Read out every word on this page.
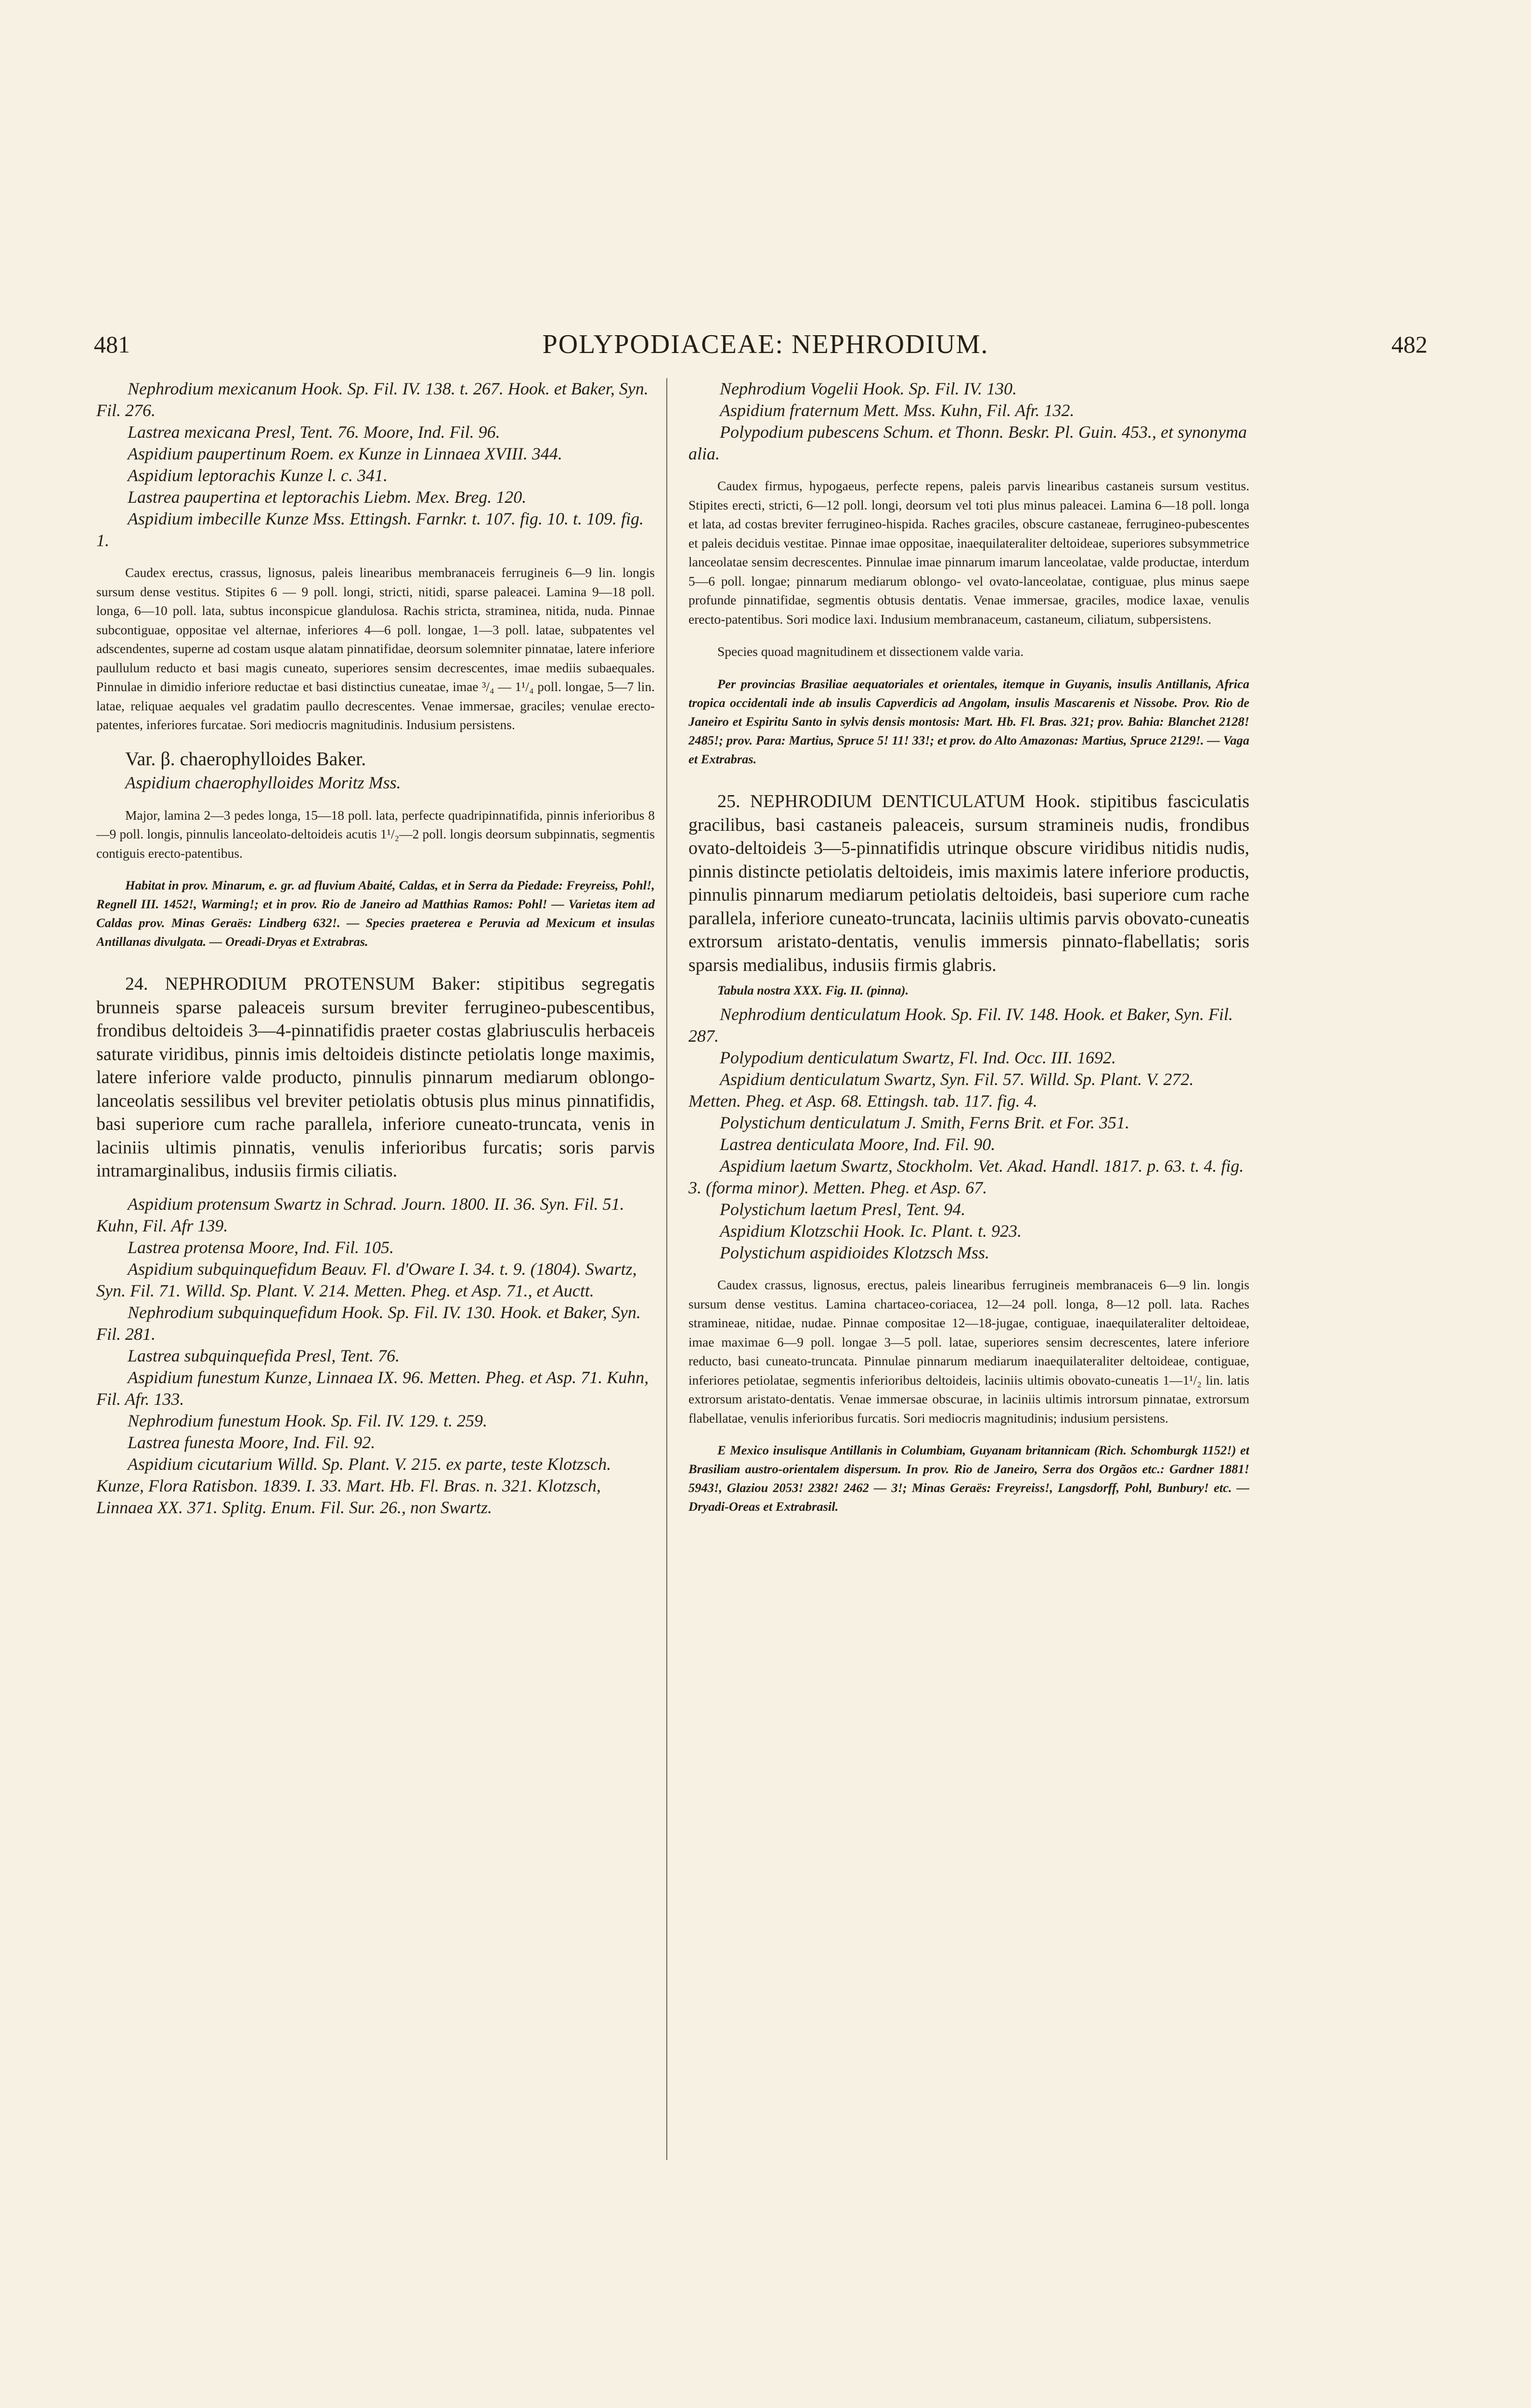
481	POLYPODIACEAE: NEPHRODIUM.	482

Nephrodium mexicanum Hook. Sp. Fil. IV. 138. t. 267. Hook. et Baker, Syn. Fil. 276.
Lastrea mexicana Presl, Tent. 76. Moore, Ind. Fil. 96.
Aspidium paupertinum Roem. ex Kunze in Linnaea XVIII. 344.
Aspidium leptorachis Kunze l. c. 341.
Lastrea paupertina et leptorachis Liebm. Mex. Breg. 120.
Aspidium imbecille Kunze Mss. Ettingsh. Farnkr. t. 107. fig. 10. t. 109. fig. 1.

Caudex erectus, crassus, lignosus, paleis linearibus membranaceis ferrugineis 6—9 lin. longis sursum dense vestitus. Stipites 6 — 9 poll. longi, stricti, nitidi, sparse paleacei. Lamina 9—18 poll. longa, 6—10 poll. lata, subtus inconspicue glandulosa. Rachis stricta, straminea, nitida, nuda. Pinnae subcontiguae, oppositae vel alternae, inferiores 4—6 poll. longae, 1—3 poll. latae, subpatentes vel adscendentes, superne ad costam usque alatam pinnatifidae, deorsum solemniter pinnatae, latere inferiore paullulum reducto et basi magis cuneato, superiores sensim decrescentes, imae mediis subaequales. Pinnulae in dimidio inferiore reductae et basi distinctius cuneatae, imae ³/₄ — 1¹/₄ poll. longae, 5—7 lin. latae, reliquae aequales vel gradatim paullo decrescentes. Venae immersae, graciles; venulae erecto-patentes, inferiores furcatae. Sori mediocris magnitudinis. Indusium persistens.

Var. β. chaerophylloides Baker.
Aspidium chaerophylloides Moritz Mss.

Major, lamina 2—3 pedes longa, 15—18 poll. lata, perfecte quadripinnatifida, pinnis inferioribus 8—9 poll. longis, pinnulis lanceolato-deltoideis acutis 1¹/₂—2 poll. longis deorsum subpinnatis, segmentis contiguis erecto-patentibus.

Habitat in prov. Minarum, e. gr. ad fluvium Abaité, Caldas, et in Serra da Piedade: Freyreiss, Pohl!, Regnell III. 1452!, Warming!; et in prov. Rio de Janeiro ad Matthias Ramos: Pohl! — Varietas item ad Caldas prov. Minas Geraës: Lindberg 632!. — Species praeterea e Peruvia ad Mexicum et insulas Antillanas divulgata. — Oreadi-Dryas et Extrabras.

24. NEPHRODIUM PROTENSUM Baker: stipitibus segregatis brunneis sparse paleaceis sursum breviter ferrugineo-pubescentibus, frondibus deltoideis 3—4-pinnatifidis praeter costas glabriusculis herbaceis saturate viridibus, pinnis imis deltoideis distincte petiolatis longe maximis, latere inferiore valde producto, pinnulis pinnarum mediarum oblongo-lanceolatis sessilibus vel breviter petiolatis obtusis plus minus pinnatifidis, basi superiore cum rache parallela, inferiore cuneato-truncata, venis in laciniis ultimis pinnatis, venulis inferioribus furcatis; soris parvis intramarginalibus, indusiis firmis ciliatis.

Aspidium protensum Swartz in Schrad. Journ. 1800. II. 36. Syn. Fil. 51. Kuhn, Fil. Afr 139.
Lastrea protensa Moore, Ind. Fil. 105.
Aspidium subquinquefidum Beauv. Fl. d'Oware I. 34. t. 9. (1804). Swartz, Syn. Fil. 71. Willd. Sp. Plant. V. 214. Metten. Pheg. et Asp. 71., et Auctt.
Nephrodium subquinquefidum Hook. Sp. Fil. IV. 130. Hook. et Baker, Syn. Fil. 281.
Lastrea subquinquefida Presl, Tent. 76.
Aspidium funestum Kunze, Linnaea IX. 96. Metten. Pheg. et Asp. 71. Kuhn, Fil. Afr. 133.
Nephrodium funestum Hook. Sp. Fil. IV. 129. t. 259.
Lastrea funesta Moore, Ind. Fil. 92.
Aspidium cicutarium Willd. Sp. Plant. V. 215. ex parte, teste Klotzsch. Kunze, Flora Ratisbon. 1839. I. 33. Mart. Hb. Fl. Bras. n. 321. Klotzsch, Linnaea XX. 371. Splitg. Enum. Fil. Sur. 26., non Swartz.

Nephrodium Vogelii Hook. Sp. Fil. IV. 130.
Aspidium fraternum Mett. Mss. Kuhn, Fil. Afr. 132.
Polypodium pubescens Schum. et Thonn. Beskr. Pl. Guin. 453., et synonyma alia.

Caudex firmus, hypogaeus, perfecte repens, paleis parvis linearibus castaneis sursum vestitus. Stipites erecti, stricti, 6—12 poll. longi, deorsum vel toti plus minus paleacei. Lamina 6—18 poll. longa et lata, ad costas breviter ferrugineo-hispida. Raches graciles, obscure castaneae, ferrugineo-pubescentes et paleis deciduis vestitae. Pinnae imae oppositae, inaequilateraliter deltoideae, superiores subsymmetrice lanceolatae sensim decrescentes. Pinnulae imae pinnarum imarum lanceolatae, valde productae, interdum 5—6 poll. longae; pinnarum mediarum oblongo- vel ovato-lanceolatae, contiguae, plus minus saepe profunde pinnatifidae, segmentis obtusis dentatis. Venae immersae, graciles, modice laxae, venulis erecto-patentibus. Sori modice laxi. Indusium membranaceum, castaneum, ciliatum, subpersistens.

Species quoad magnitudinem et dissectionem valde varia.

Per provincias Brasiliae aequatoriales et orientales, itemque in Guyanis, insulis Antillanis, Africa tropica occidentali inde ab insulis Capverdicis ad Angolam, insulis Mascarenis et Nissobe. Prov. Rio de Janeiro et Espiritu Santo in sylvis densis montosis: Mart. Hb. Fl. Bras. 321; prov. Bahia: Blanchet 2128! 2485!; prov. Para: Martius, Spruce 5! 11! 33!; et prov. do Alto Amazonas: Martius, Spruce 2129!. — Vaga et Extrabras.

25. NEPHRODIUM DENTICULATUM Hook. stipitibus fasciculatis gracilibus, basi castaneis paleaceis, sursum stramineis nudis, frondibus ovato-deltoideis 3—5-pinnatifidis utrinque obscure viridibus nitidis nudis, pinnis distincte petiolatis deltoideis, imis maximis latere inferiore productis, pinnulis pinnarum mediarum petiolatis deltoideis, basi superiore cum rache parallela, inferiore cuneato-truncata, laciniis ultimis parvis obovato-cuneatis extrorsum aristato-dentatis, venulis immersis pinnato-flabellatis; soris sparsis medialibus, indusiis firmis glabris.

Tabula nostra XXX. Fig. II. (pinna).

Nephrodium denticulatum Hook. Sp. Fil. IV. 148. Hook. et Baker, Syn. Fil. 287.
Polypodium denticulatum Swartz, Fl. Ind. Occ. III. 1692.
Aspidium denticulatum Swartz, Syn. Fil. 57. Willd. Sp. Plant. V. 272. Metten. Pheg. et Asp. 68. Ettingsh. tab. 117. fig. 4.
Polystichum denticulatum J. Smith, Ferns Brit. et For. 351.
Lastrea denticulata Moore, Ind. Fil. 90.
Aspidium laetum Swartz, Stockholm. Vet. Akad. Handl. 1817. p. 63. t. 4. fig. 3. (forma minor). Metten. Pheg. et Asp. 67.
Polystichum laetum Presl, Tent. 94.
Aspidium Klotzschii Hook. Ic. Plant. t. 923.
Polystichum aspidioides Klotzsch Mss.

Caudex crassus, lignosus, erectus, paleis linearibus ferrugineis membranaceis 6—9 lin. longis sursum dense vestitus. Lamina chartaceo-coriacea, 12—24 poll. longa, 8—12 poll. lata. Raches stramineae, nitidae, nudae. Pinnae compositae 12—18-jugae, contiguae, inaequilateraliter deltoideae, imae maximae 6—9 poll. longae 3—5 poll. latae, superiores sensim decrescentes, latere inferiore reducto, basi cuneato-truncata. Pinnulae pinnarum mediarum inaequilateraliter deltoideae, contiguae, inferiores petiolatae, segmentis inferioribus deltoideis, laciniis ultimis obovato-cuneatis 1—1¹/₂ lin. latis extrorsum aristato-dentatis. Venae immersae obscurae, in laciniis ultimis introrsum pinnatae, extrorsum flabellatae, venulis inferioribus furcatis. Sori mediocris magnitudinis; indusium persistens.

E Mexico insulisque Antillanis in Columbiam, Guyanam britannicam (Rich. Schomburgk 1152!) et Brasiliam austro-orientalem dispersum. In prov. Rio de Janeiro, Serra dos Orgãos etc.: Gardner 1881! 5943!, Glaziou 2053! 2382! 2462 — 3!; Minas Geraës: Freyreiss!, Langsdorff, Pohl, Bunbury! etc. — Dryadi-Oreas et Extrabrasil.
